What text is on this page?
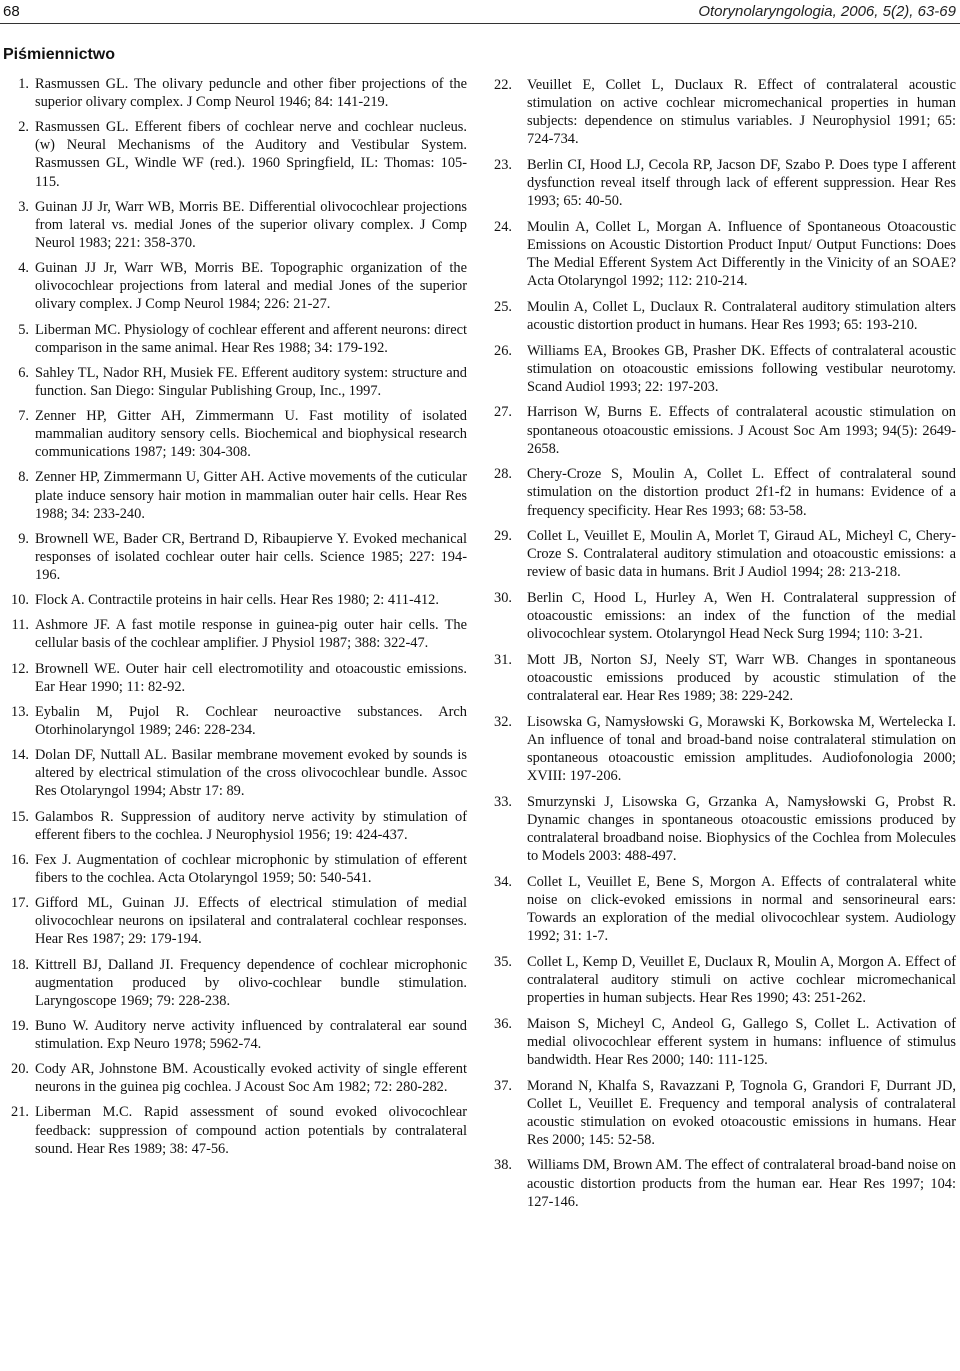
68	Otorynolaryngologia, 2006, 5(2), 63-69
Piśmiennictwo
1. Rasmussen GL. The olivary peduncle and other fiber projections of the superior olivary complex. J Comp Neurol 1946; 84: 141-219.
2. Rasmussen GL. Efferent fibers of cochlear nerve and cochlear nucleus. (w) Neural Mechanisms of the Auditory and Vestibular System. Rasmussen GL, Windle WF (red.). 1960 Springfield, IL: Thomas: 105-115.
3. Guinan JJ Jr, Warr WB, Morris BE. Differential olivocochlear projections from lateral vs. medial Jones of the superior olivary complex. J Comp Neurol 1983; 221: 358-370.
4. Guinan JJ Jr, Warr WB, Morris BE. Topographic organization of the olivocochlear projections from lateral and medial Jones of the superior olivary complex. J Comp Neurol 1984; 226: 21-27.
5. Liberman MC. Physiology of cochlear efferent and afferent neurons: direct comparison in the same animal. Hear Res 1988; 34: 179-192.
6. Sahley TL, Nador RH, Musiek FE. Efferent auditory system: structure and function. San Diego: Singular Publishing Group, Inc., 1997.
7. Zenner HP, Gitter AH, Zimmermann U. Fast motility of isolated mammalian auditory sensory cells. Biochemical and biophysical research communications 1987; 149: 304-308.
8. Zenner HP, Zimmermann U, Gitter AH. Active movements of the cuticular plate induce sensory hair motion in mammalian outer hair cells. Hear Res 1988; 34: 233-240.
9. Brownell WE, Bader CR, Bertrand D, Ribaupierve Y. Evoked mechanical responses of isolated cochlear outer hair cells. Science 1985; 227: 194-196.
10. Flock A. Contractile proteins in hair cells. Hear Res 1980; 2: 411-412.
11. Ashmore JF. A fast motile response in guinea-pig outer hair cells. The cellular basis of the cochlear amplifier. J Physiol 1987; 388: 322-47.
12. Brownell WE. Outer hair cell electromotility and otoacoustic emissions. Ear Hear 1990; 11: 82-92.
13. Eybalin M, Pujol R. Cochlear neuroactive substances. Arch Otorhinolaryngol 1989; 246: 228-234.
14. Dolan DF, Nuttall AL. Basilar membrane movement evoked by sounds is altered by electrical stimulation of the cross olivocochlear bundle. Assoc Res Otolaryngol 1994; Abstr 17: 89.
15. Galambos R. Suppression of auditory nerve activity by stimulation of efferent fibers to the cochlea. J Neurophysiol 1956; 19: 424-437.
16. Fex J. Augmentation of cochlear microphonic by stimulation of efferent fibers to the cochlea. Acta Otolaryngol 1959; 50: 540-541.
17. Gifford ML, Guinan JJ. Effects of electrical stimulation of medial olivocochlear neurons on ipsilateral and contralateral cochlear responses. Hear Res 1987; 29: 179-194.
18. Kittrell BJ, Dalland JI. Frequency dependence of cochlear microphonic augmentation produced by olivo-cochlear bundle stimulation. Laryngoscope 1969; 79: 228-238.
19. Buno W. Auditory nerve activity influenced by contralateral ear sound stimulation. Exp Neuro 1978; 5962-74.
20. Cody AR, Johnstone BM. Acoustically evoked activity of single efferent neurons in the guinea pig cochlea. J Acoust Soc Am 1982; 72: 280-282.
21. Liberman M.C. Rapid assessment of sound evoked olivocochlear feedback: suppression of compound action potentials by contralateral sound. Hear Res 1989; 38: 47-56.
22.	Veuillet E, Collet L, Duclaux R. Effect of contralateral acoustic stimulation on active cochlear micromechanical properties in human subjects: dependence on stimulus variables. J Neurophysiol 1991; 65: 724-734.
23.	Berlin CI, Hood LJ, Cecola RP, Jacson DF, Szabo P. Does type I afferent dysfunction reveal itself through lack of efferent suppression. Hear Res 1993; 65: 40-50.
24.	Moulin A, Collet L, Morgan A. Influence of Spontaneous Otoacoustic Emissions on Acoustic Distortion Product Input/ Output Functions: Does The Medial Efferent System Act Differently in the Vinicity of an SOAE? Acta Otolaryngol 1992; 112: 210-214.
25.	Moulin A, Collet L, Duclaux R. Contralateral auditory stimulation alters acoustic distortion product in humans. Hear Res 1993; 65: 193-210.
26.	Williams EA, Brookes GB, Prasher DK. Effects of contralateral acoustic stimulation on otoacoustic emissions following vestibular neurotomy. Scand Audiol 1993; 22: 197-203.
27.	Harrison W, Burns E. Effects of contralateral acoustic stimulation on spontaneous otoacoustic emissions. J Acoust Soc Am 1993; 94(5): 2649-2658.
28.	Chery-Croze S, Moulin A, Collet L. Effect of contralateral sound stimulation on the distortion product 2f1-f2 in humans: Evidence of a frequency specificity. Hear Res 1993; 68: 53-58.
29.	Collet L, Veuillet E, Moulin A, Morlet T, Giraud AL, Micheyl C, Chery-Croze S. Contralateral auditory stimulation and otoacoustic emissions: a review of basic data in humans. Brit J Audiol 1994; 28: 213-218.
30.	Berlin C, Hood L, Hurley A, Wen H. Contralateral suppression of otoacoustic emissions: an index of the function of the medial olivocochlear system. Otolaryngol Head Neck Surg 1994; 110: 3-21.
31.	Mott JB, Norton SJ, Neely ST, Warr WB. Changes in spontaneous otoacoustic emissions produced by acoustic stimulation of the contralateral ear. Hear Res 1989; 38: 229-242.
32.	Lisowska G, Namysłowski G, Morawski K, Borkowska M, Wertelecka I. An influence of tonal and broad-band noise contralateral stimulation on spontaneous otoacoustic emission amplitudes. Audiofonologia 2000; XVIII: 197-206.
33.	Smurzynski J, Lisowska G, Grzanka A, Namysłowski G, Probst R. Dynamic changes in spontaneous otoacoustic emissions produced by contralateral broadband noise. Biophysics of the Cochlea from Molecules to Models 2003: 488-497.
34.	Collet L, Veuillet E, Bene S, Morgon A. Effects of contralateral white noise on click-evoked emissions in normal and sensorineural ears: Towards an exploration of the medial olivocochlear system. Audiology 1992; 31: 1-7.
35.	Collet L, Kemp D, Veuillet E, Duclaux R, Moulin A, Morgon A. Effect of contralateral auditory stimuli on active cochlear micromechanical properties in human subjects. Hear Res 1990; 43: 251-262.
36.	Maison S, Micheyl C, Andeol G, Gallego S, Collet L. Activation of medial olivocochlear efferent system in humans: influence of stimulus bandwidth. Hear Res 2000; 140: 111-125.
37.	Morand N, Khalfa S, Ravazzani P, Tognola G, Grandori F, Durrant JD, Collet L, Veuillet E. Frequency and temporal analysis of contralateral acoustic stimulation on evoked otoacoustic emissions in humans. Hear Res 2000; 145: 52-58.
38.	Williams DM, Brown AM. The effect of contralateral broad-band noise on acoustic distortion products from the human ear. Hear Res 1997; 104: 127-146.
